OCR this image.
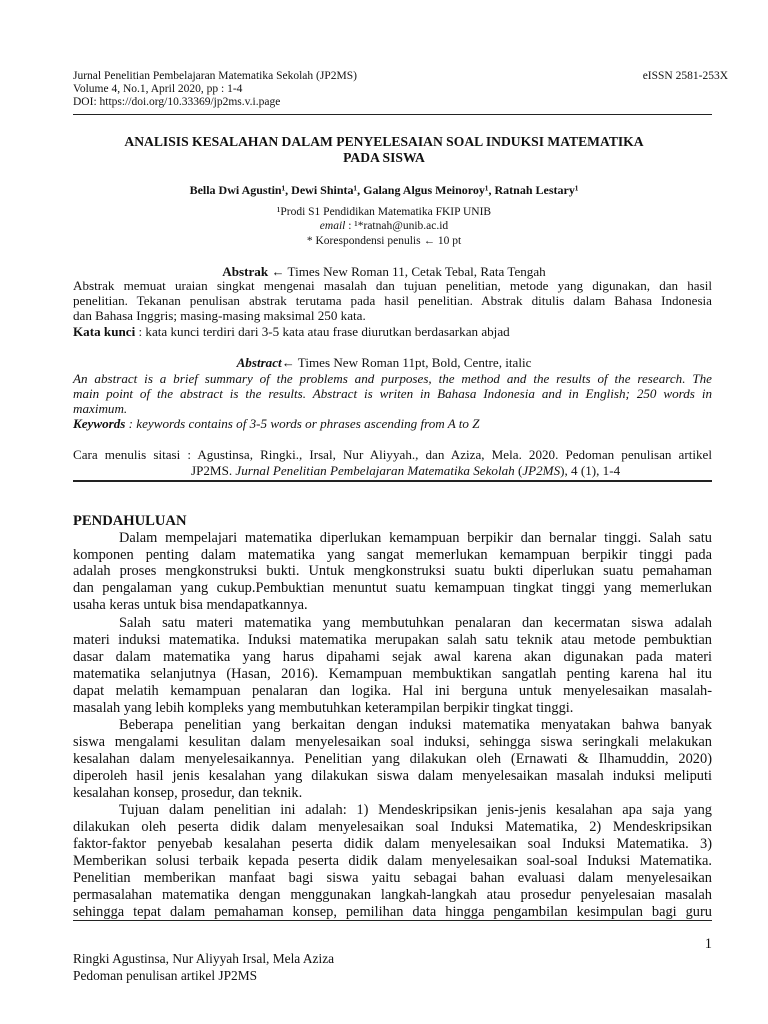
Jurnal Penelitian Pembelajaran Matematika Sekolah (JP2MS)
Volume 4, No.1, April 2020, pp : 1-4
DOI: https://doi.org/10.33369/jp2ms.v.i.page
eISSN 2581-253X
ANALISIS KESALAHAN DALAM PENYELESAIAN SOAL INDUKSI MATEMATIKA
PADA SISWA
Bella Dwi Agustin¹, Dewi Shinta¹, Galang Algus Meinoroy¹, Ratnah Lestary¹
¹Prodi S1 Pendidikan Matematika FKIP UNIB
email : ¹*ratnah@unib.ac.id
* Korespondensi penulis ← 10 pt
Abstrak ← Times New Roman 11, Cetak Tebal, Rata Tengah
Abstrak memuat uraian singkat mengenai masalah dan tujuan penelitian, metode yang digunakan, dan hasil
penelitian. Tekanan penulisan abstrak terutama pada hasil penelitian. Abstrak ditulis dalam Bahasa Indonesia
dan Bahasa Inggris; masing-masing maksimal 250 kata.
Kata kunci : kata kunci terdiri dari 3-5 kata atau frase diurutkan berdasarkan abjad
Abstract← Times New Roman 11pt, Bold, Centre, italic
An abstract is a brief summary of the problems and purposes, the method and the results of the research. The
main point of the abstract is the results. Abstract is writen in Bahasa Indonesia and in English; 250 words in
maximum.
Keywords : keywords contains of 3-5 words or phrases ascending from A to Z
Cara menulis sitasi : Agustinsa, Ringki., Irsal, Nur Aliyyah., dan Aziza, Mela. 2020. Pedoman penulisan artikel
JP2MS. Jurnal Penelitian Pembelajaran Matematika Sekolah (JP2MS), 4 (1), 1-4
PENDAHULUAN
Dalam mempelajari matematika diperlukan kemampuan berpikir dan bernalar tinggi. Salah satu
komponen penting dalam matematika yang sangat memerlukan kemampuan berpikir tinggi pada
adalah proses mengkonstruksi bukti. Untuk mengkonstruksi suatu bukti diperlukan suatu pemahaman
dan pengalaman yang cukup.Pembuktian menuntut suatu kemampuan tingkat tinggi yang memerlukan
usaha keras untuk bisa mendapatkannya.
Salah satu materi matematika yang membutuhkan penalaran dan kecermatan siswa adalah
materi induksi matematika. Induksi matematika merupakan salah satu teknik atau metode pembuktian
dasar dalam matematika yang harus dipahami sejak awal karena akan digunakan pada materi
matematika selanjutnya (Hasan, 2016). Kemampuan membuktikan sangatlah penting karena hal itu
dapat melatih kemampuan penalaran dan logika. Hal ini berguna untuk menyelesaikan masalah-
masalah yang lebih kompleks yang membutuhkan keterampilan berpikir tingkat tinggi.
Beberapa penelitian yang berkaitan dengan induksi matematika menyatakan bahwa banyak
siswa mengalami kesulitan dalam menyelesaikan soal induksi, sehingga siswa seringkali melakukan
kesalahan dalam menyelesaikannya. Penelitian yang dilakukan oleh (Ernawati & Ilhamuddin, 2020)
diperoleh hasil jenis kesalahan yang dilakukan siswa dalam menyelesaikan masalah induksi meliputi
kesalahan konsep, prosedur, dan teknik.
Tujuan dalam penelitian ini adalah: 1) Mendeskripsikan jenis-jenis kesalahan apa saja yang
dilakukan oleh peserta didik dalam menyelesaikan soal Induksi Matematika, 2) Mendeskripsikan
faktor-faktor penyebab kesalahan peserta didik dalam menyelesaikan soal Induksi Matematika. 3)
Memberikan solusi terbaik kepada peserta didik dalam menyelesaikan soal-soal Induksi Matematika.
Penelitian memberikan manfaat bagi siswa yaitu sebagai bahan evaluasi dalam menyelesaikan
permasalahan matematika dengan menggunakan langkah-langkah atau prosedur penyelesaian masalah
sehingga tepat dalam pemahaman konsep, pemilihan data hingga pengambilan kesimpulan bagi guru
1
Ringki Agustinsa, Nur Aliyyah Irsal, Mela Aziza
Pedoman penulisan artikel JP2MS
